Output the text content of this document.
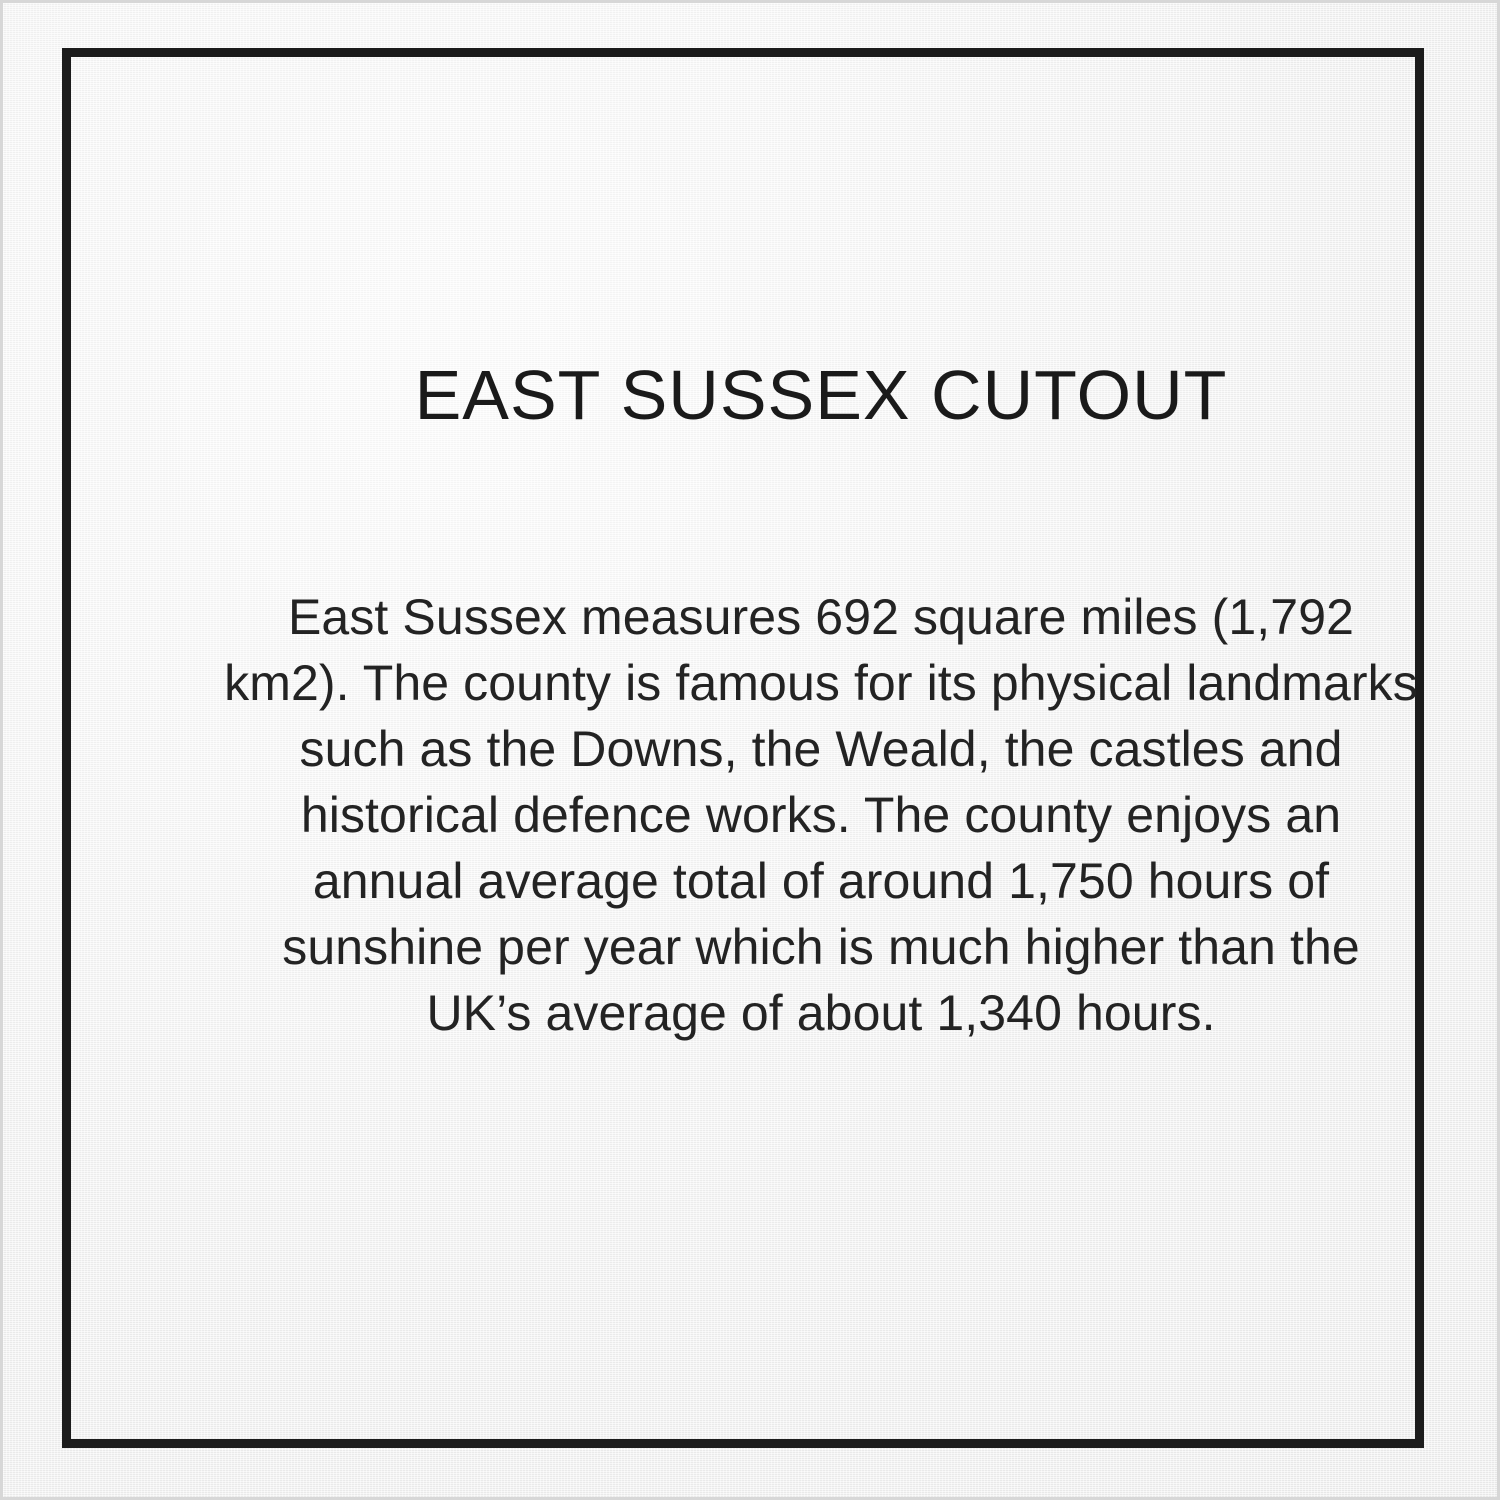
EAST SUSSEX CUTOUT

East Sussex measures 692 square miles (1,792 km2). The county is famous for its physical landmarks such as the Downs, the Weald, the castles and historical defence works. The county enjoys an annual average total of around 1,750 hours of sunshine per year which is much higher than the UK’s average of about 1,340 hours.
